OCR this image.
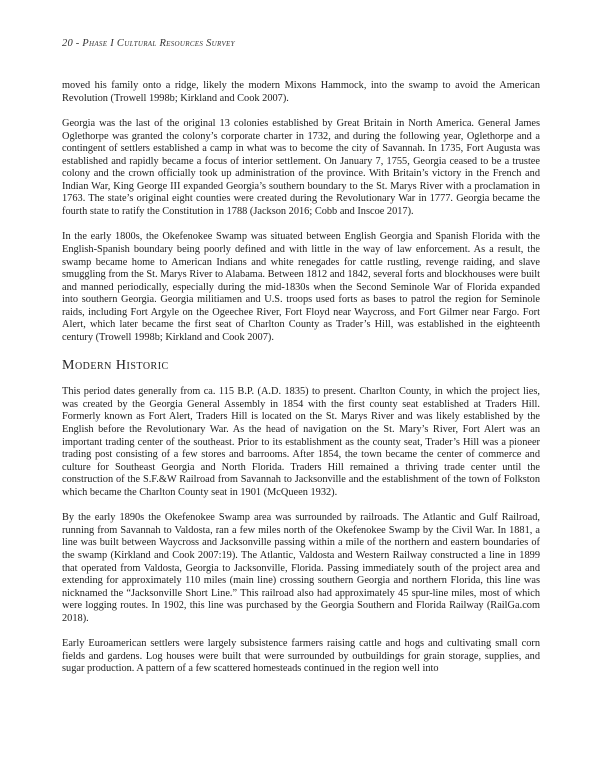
20 - Phase I Cultural Resources Survey

moved his family onto a ridge, likely the modern Mixons Hammock, into the swamp to avoid the American Revolution (Trowell 1998b; Kirkland and Cook 2007).

Georgia was the last of the original 13 colonies established by Great Britain in North America. General James Oglethorpe was granted the colony’s corporate charter in 1732, and during the following year, Oglethorpe and a contingent of settlers established a camp in what was to become the city of Savannah. In 1735, Fort Augusta was established and rapidly became a focus of interior settlement. On January 7, 1755, Georgia ceased to be a trustee colony and the crown officially took up administration of the province. With Britain’s victory in the French and Indian War, King George III expanded Georgia’s southern boundary to the St. Marys River with a proclamation in 1763. The state’s original eight counties were created during the Revolutionary War in 1777. Georgia became the fourth state to ratify the Constitution in 1788 (Jackson 2016; Cobb and Inscoe 2017).

In the early 1800s, the Okefenokee Swamp was situated between English Georgia and Spanish Florida with the English-Spanish boundary being poorly defined and with little in the way of law enforcement. As a result, the swamp became home to American Indians and white renegades for cattle rustling, revenge raiding, and slave smuggling from the St. Marys River to Alabama. Between 1812 and 1842, several forts and blockhouses were built and manned periodically, especially during the mid-1830s when the Second Seminole War of Florida expanded into southern Georgia. Georgia militiamen and U.S. troops used forts as bases to patrol the region for Seminole raids, including Fort Argyle on the Ogeechee River, Fort Floyd near Waycross, and Fort Gilmer near Fargo. Fort Alert, which later became the first seat of Charlton County as Trader’s Hill, was established in the eighteenth century (Trowell 1998b; Kirkland and Cook 2007).

Modern Historic

This period dates generally from ca. 115 B.P. (A.D. 1835) to present. Charlton County, in which the project lies, was created by the Georgia General Assembly in 1854 with the first county seat established at Traders Hill. Formerly known as Fort Alert, Traders Hill is located on the St. Marys River and was likely established by the English before the Revolutionary War. As the head of navigation on the St. Mary’s River, Fort Alert was an important trading center of the southeast. Prior to its establishment as the county seat, Trader’s Hill was a pioneer trading post consisting of a few stores and barrooms. After 1854, the town became the center of commerce and culture for Southeast Georgia and North Florida. Traders Hill remained a thriving trade center until the construction of the S.F.&W Railroad from Savannah to Jacksonville and the establishment of the town of Folkston which became the Charlton County seat in 1901 (McQueen 1932).

By the early 1890s the Okefenokee Swamp area was surrounded by railroads. The Atlantic and Gulf Railroad, running from Savannah to Valdosta, ran a few miles north of the Okefenokee Swamp by the Civil War. In 1881, a line was built between Waycross and Jacksonville passing within a mile of the northern and eastern boundaries of the swamp (Kirkland and Cook 2007:19). The Atlantic, Valdosta and Western Railway constructed a line in 1899 that operated from Valdosta, Georgia to Jacksonville, Florida. Passing immediately south of the project area and extending for approximately 110 miles (main line) crossing southern Georgia and northern Florida, this line was nicknamed the “Jacksonville Short Line.” This railroad also had approximately 45 spur-line miles, most of which were logging routes. In 1902, this line was purchased by the Georgia Southern and Florida Railway (RailGa.com 2018).

Early Euroamerican settlers were largely subsistence farmers raising cattle and hogs and cultivating small corn fields and gardens. Log houses were built that were surrounded by outbuildings for grain storage, supplies, and sugar production. A pattern of a few scattered homesteads continued in the region well into
